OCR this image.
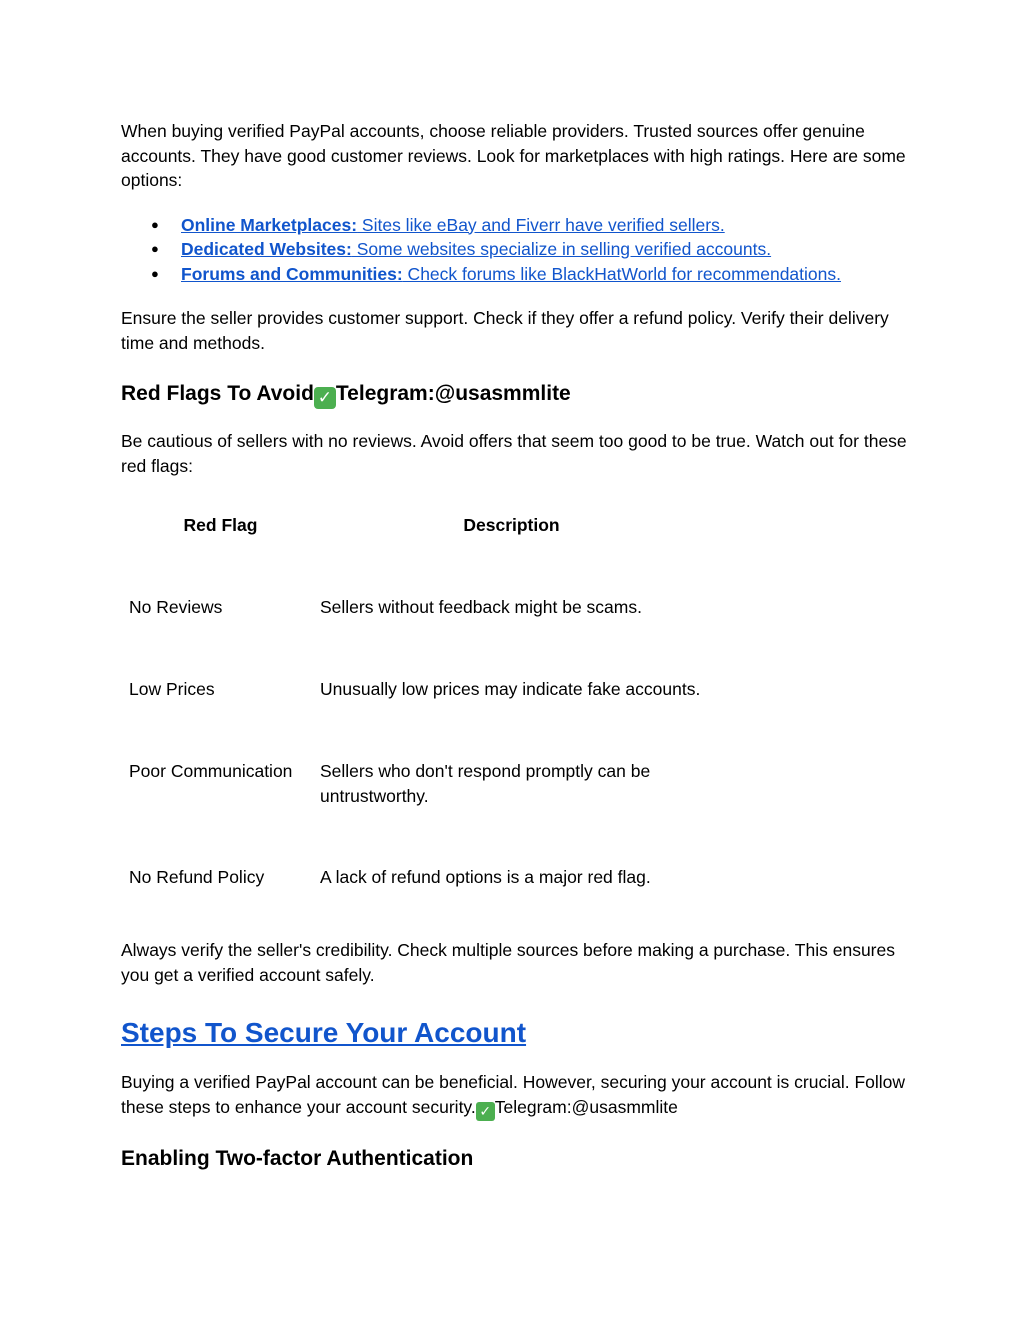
When buying verified PayPal accounts, choose reliable providers. Trusted sources offer genuine accounts. They have good customer reviews. Look for marketplaces with high ratings. Here are some options:

● Online Marketplaces: Sites like eBay and Fiverr have verified sellers.
● Dedicated Websites: Some websites specialize in selling verified accounts.
● Forums and Communities: Check forums like BlackHatWorld for recommendations.

Ensure the seller provides customer support. Check if they offer a refund policy. Verify their delivery time and methods.

Red Flags To Avoid ✓ Telegram:@usasmmlite

Be cautious of sellers with no reviews. Avoid offers that seem too good to be true. Watch out for these red flags:

Red Flag	Description
No Reviews	Sellers without feedback might be scams.
Low Prices	Unusually low prices may indicate fake accounts.
Poor Communication	Sellers who don't respond promptly can be untrustworthy.
No Refund Policy	A lack of refund options is a major red flag.

Always verify the seller's credibility. Check multiple sources before making a purchase. This ensures you get a verified account safely.

Steps To Secure Your Account

Buying a verified PayPal account can be beneficial. However, securing your account is crucial. Follow these steps to enhance your account security. ✓ Telegram:@usasmmlite

Enabling Two-factor Authentication
